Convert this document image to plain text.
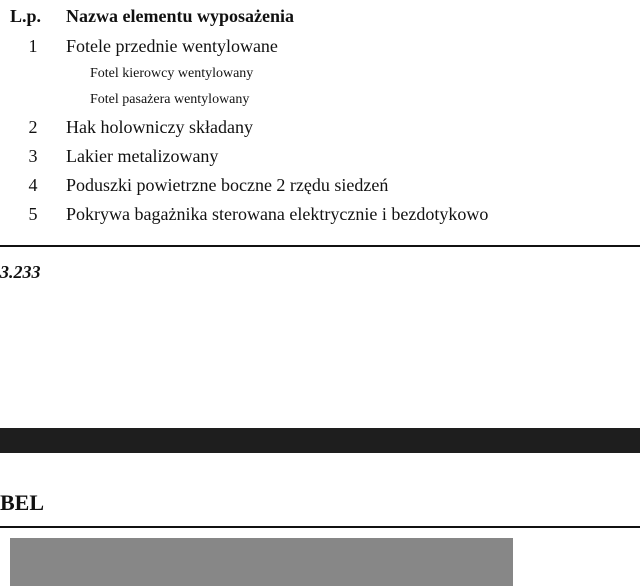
L.p.	Nazwa elementu wyposażenia
1 Fotele przednie wentylowane
Fotel kierowcy wentylowany
Fotel pasażera wentylowany
2 Hak holowniczy składany
3 Lakier metalizowany
4 Poduszki powietrzne boczne 2 rzędu siedzeń
5 Pokrywa bagażnika sterowana elektrycznie i bezdotykowo
3.233
BEL
